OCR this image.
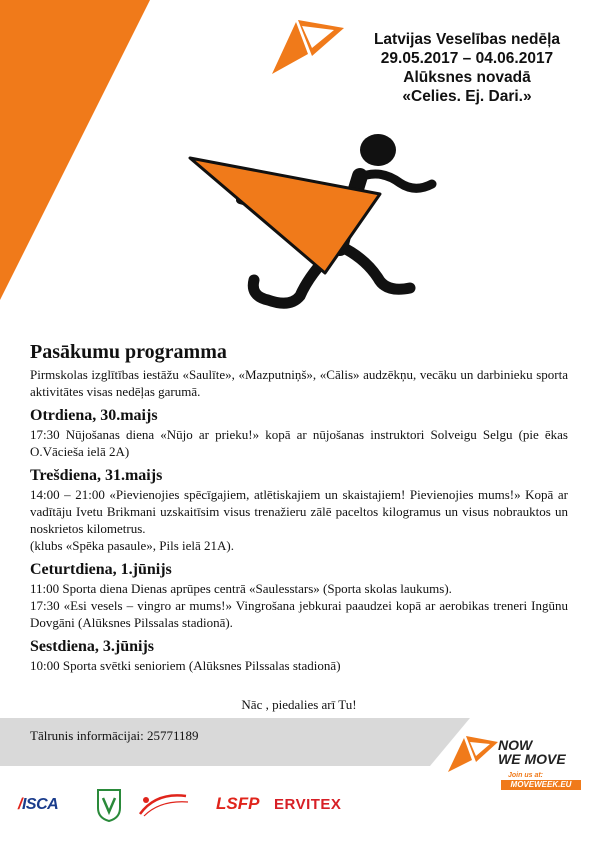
Latvijas Veselības nedēļa
29.05.2017 – 04.06.2017
Alūksnes novadā
«Celies. Ej. Dari.»
Pasākumu programma

Pirmskolas izglītības iestāžu «Saulīte», «Mazputniņš», «Cālis» audzēkņu, vecāku un darbinieku sporta aktivitātes visas nedēļas garumā.

Otrdiena, 30.maijs

17:30 Nūjošanas diena «Nūjo ar prieku!» kopā ar nūjošanas instruktori Solveigu Selgu (pie ēkas O.Vācieša ielā 2A)

Trešdiena, 31.maijs

14:00 – 21:00 «Pievienojies spēcīgajiem, atlētiskajiem un skaistajiem! Pievienojies mums!» Kopā ar vadītāju Ivetu Brikmani uzskaitīsim visus trenažieru zālē paceltos kilogramus un visus nobrauktos un noskrietos kilometrus.

(klubs «Spēka pasaule», Pils ielā 21A).

Ceturtdiena, 1.jūnijs

11:00 Sporta diena Dienas aprūpes centrā «Saulesstars» (Sporta skolas laukums).

17:30 «Esi vesels – vingro ar mums!» Vingrošana jebkurai paaudzei kopā ar aerobikas treneri Ingūnu Dovgāni (Alūksnes Pilssalas stadionā).

Sestdiena, 3.jūnijs

10:00 Sporta svētki senioriem (Alūksnes Pilssalas stadionā)

Nāc , piedalies arī Tu!
Tālrunis informācijai: 25771189
NOW
WE MOVE
Join us at:
MOVEWEEK.EU
/ISCA	LSFP ERVITEX
